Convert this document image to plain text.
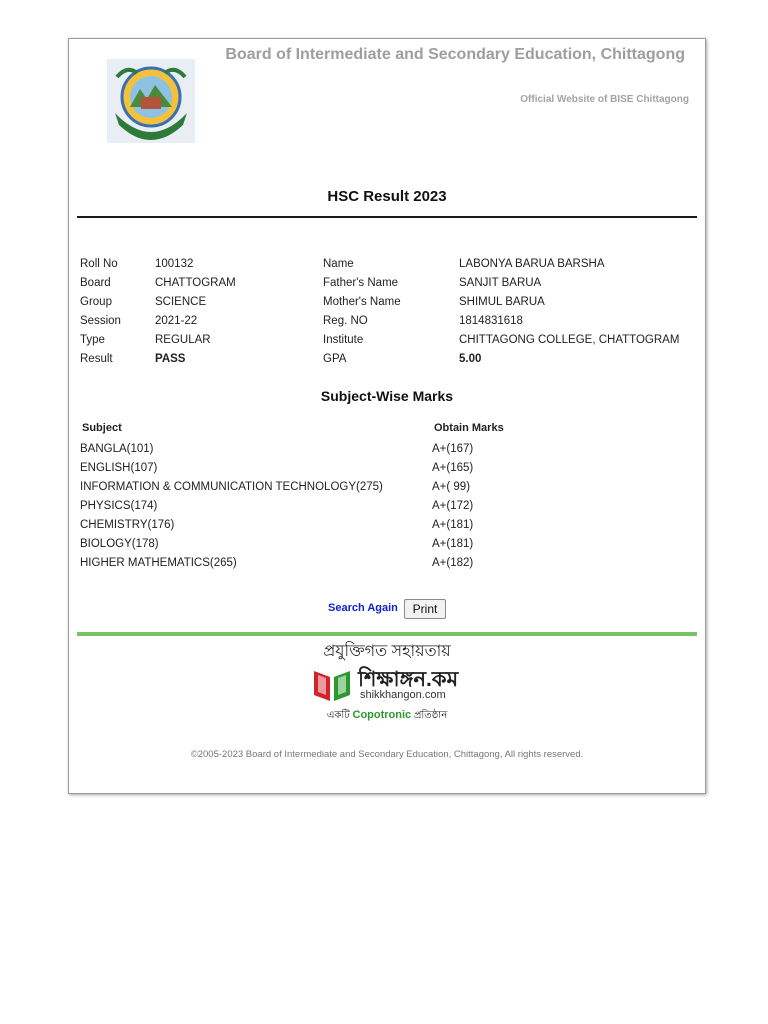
Board of Intermediate and Secondary Education, Chittagong
Official Website of BISE Chittagong
HSC Result 2023
Roll No	100132	Name	LABONYA BARUA BARSHA
Board	CHATTOGRAM	Father's Name	SANJIT BARUA
Group	SCIENCE	Mother's Name	SHIMUL BARUA
Session	2021-22	Reg. NO	1814831618
Type	REGULAR	Institute	CHITTAGONG COLLEGE, CHATTOGRAM
Result	PASS	GPA	5.00
Subject-Wise Marks
Subject	Obtain Marks
BANGLA(101)	A+(167)
ENGLISH(107)	A+(165)
INFORMATION & COMMUNICATION TECHNOLOGY(275)	A+( 99)
PHYSICS(174)	A+(172)
CHEMISTRY(176)	A+(181)
BIOLOGY(178)	A+(181)
HIGHER MATHEMATICS(265)	A+(182)
Search Again	Print
প্রযুক্তিগত সহায়তায়
শিক্ষাঙ্গন.কম
shikkhangon.com
একটি Copotronic প্রতিষ্ঠান
©2005-2023 Board of Intermediate and Secondary Education, Chittagong, All rights reserved.
